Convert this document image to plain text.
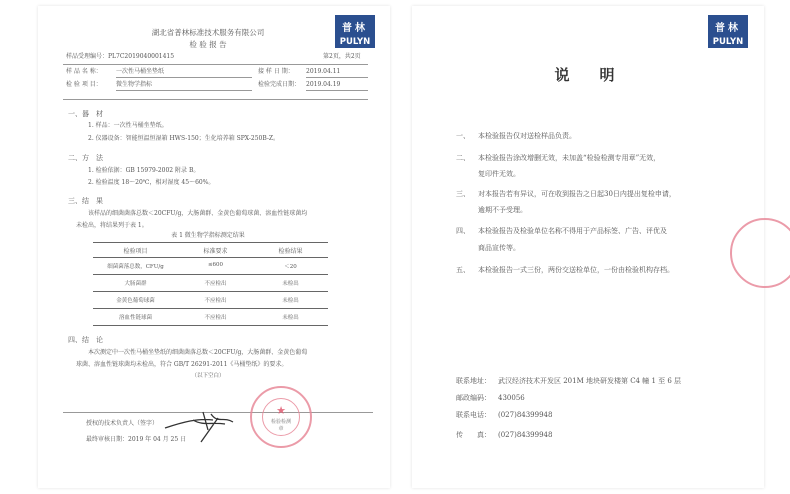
普林
PULYN
湖北省普林标准技术服务有限公司
检 验 报 告
样品受理编号：PL7C2019040001415	第2页，共2页
样 品 名 称： 一次性马桶坐垫纸	接 样 日 期： 2019.04.11
检 验 项 目： 微生物学指标	检验完成日期： 2019.04.19
一、器　材
1. 样品：一次性马桶坐垫纸。
2. 仪器设备：智能恒温恒湿箱 HWS-150；生化培养箱 SPX-250B-Z。
二、方　法
1. 检验依据：GB 15979-2002 附录 B。
2. 检验温度 18～20℃，相对湿度 45～60%。
三、结　果
该样品的细菌菌落总数＜20CFU/g，大肠菌群、金黄色葡萄球菌、溶血性链球菌均
未检出，将结果列于表 1。
表 1 微生物学指标测定结果
检验项目	标准要求	检验结果
细菌菌落总数，CFU/g	≤600	＜20
大肠菌群	不应检出	未检出
金黄色葡萄球菌	不应检出	未检出
溶血性链球菌	不应检出	未检出
四、结　论
本次测定中一次性马桶坐垫纸的细菌菌落总数＜20CFU/g，大肠菌群、金黄色葡萄
球菌、溶血性链球菌均未检出，符合 GB/T 26291-2011《马桶垫纸》的要求。
（以下空白）
授权的技术负责人（签字）
最终审核日期：2019 年 04 月 25 日
★
检验检测
章
普林
PULYN
说　　明
一、 本检验报告仅对送检样品负责。
二、 本检验报告涂改增删无效，未加盖“检验检测专用章”无效，
复印件无效。
三、 对本报告若有异议，可在收到报告之日起30日内提出复检申请，
逾期不予受理。
四、 本检验报告及检验单位名称不得用于产品标签、广告、评优及
商品宣传等。
五、 本检验报告一式三份，两份交送检单位，一份由检验机构存档。
联系地址： 武汉经济技术开发区 201M 地块研发楼第 C4 幢 1 至 6 层
邮政编码： 430056
联系电话： (027)84399948
传　　真： (027)84399948
